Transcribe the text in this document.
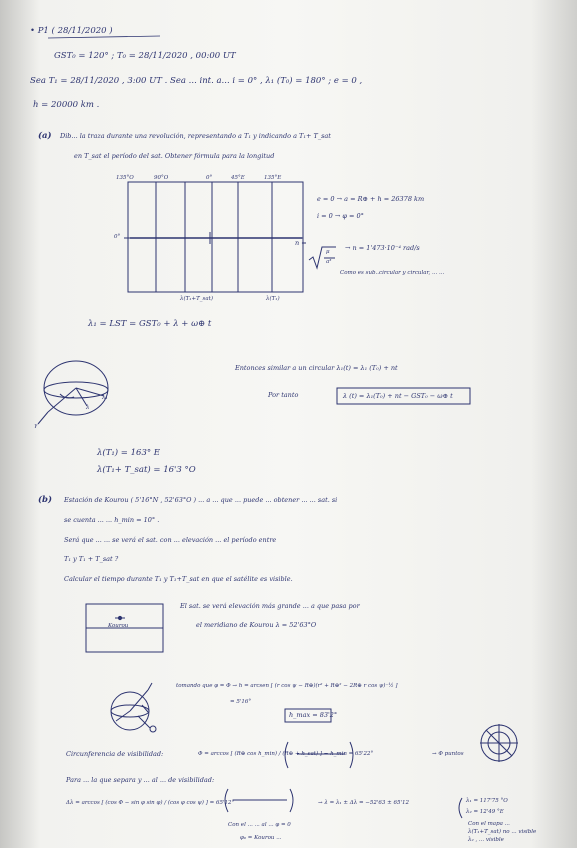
• P1 ( 28/11/2020 )
GST₀ = 120° ; T₀ = 28/11/2020 , 00:00 UT
Sea T₁ = 28/11/2020 , 3:00 UT . Sea ... int. a... i = 0° , λ₁ (T₀) = 180° ; e = 0 ,
h = 20000 km .
(a) Dib... la traza durante una revolución, representando a T₁ y indicando a T₁+ T_sat
en T_sat el período del sat. Obtener fórmula para la longitud
135°O	90°O	0°	45°E	135°E
0°
λ(T₁+T_sat)	λ(T₁)
e = 0 → a = R⊕ + h = 26378 km
i = 0 → φ = 0°
n =
μ
a³
→ n = 1'473·10⁻⁴ rad/s
Como es sub..circular y circular, ... ...
λ₁ = LST = GST₀ + λ + ω⊕ t
Entonces similar a un circular λ₁(t) = λ₁ (T₀) + nt
Por tanto	λ (t) = λ₁(T₀) + nt − GST₀ − ω⊕ t
λ₁
λ
γ
λ(T₁) = 163° E
λ(T₁+ T_sat) = 16'3 °O
(b) Estación de Kourou ( 5'16°N , 52'63°O ) ... a ... que ... puede ... obtener ... ... sat. si
se cuenta ... ... h_min = 10° .
Será que ... ... se verá el sat. con ... elevación ... el período entre
T₁ y T₁ + T_sat ?
Calcular el tiempo durante T₁ y T₁+T_sat en que el satélite es visible.
El sat. se verá elevación más grande ... a que pasa por
el meridiano de Kourou λ = 52'63°O
Kourou
tomando que φ = Φ → h = arcsen [ (r cos ψ − R⊕)(r² + R⊕² − 2R⊕ r cos ψ)⁻½ ]
= 5'16°
h_max = 83'2°
Circunferencia de visibilidad:	Φ = arccos [ (R⊕ cos h_min) / (R⊕ + h_sat) ] − h_min = 65'22°	→ Φ puntos
Para ... la que separa y ... al ... de visibilidad:
Δλ = arccos [ (cos Φ − sin φ sin φ) / (cos φ cos ψ) ] = 65'12°	→ λ = λ₁ ± Δλ = −52'63 ± 65'12	λ₁ = 117'75 °O
λ₂ = 12'49 °E
Con el ... ... al ... φ = 0
φ₀ = Kourou ...
Con el mapa ...
λ(T₁+T_sat) no ... visible
λ₂ , ... visible
